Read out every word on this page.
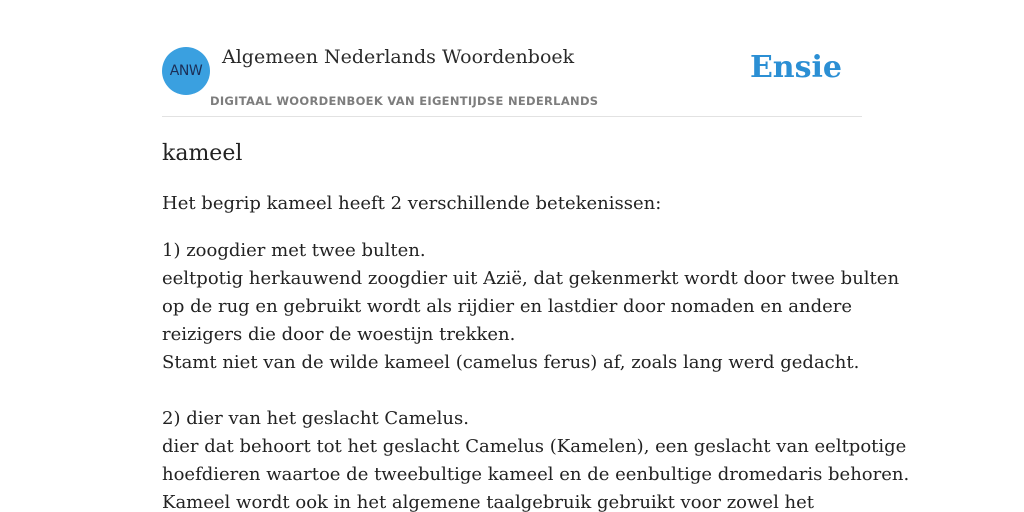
ANW
Algemeen Nederlands Woordenboek
DIGITAAL WOORDENBOEK VAN EIGENTIJDSE NEDERLANDS
Ensie
kameel

Het begrip kameel heeft 2 verschillende betekenissen:

1) zoogdier met twee bulten.
eeltpotig herkauwend zoogdier uit Azië, dat gekenmerkt wordt door twee bulten
op de rug en gebruikt wordt als rijdier en lastdier door nomaden en andere
reizigers die door de woestijn trekken.
Stamt niet van de wilde kameel (camelus ferus) af, zoals lang werd gedacht.
2) dier van het geslacht Camelus.
dier dat behoort tot het geslacht Camelus (Kamelen), een geslacht van eeltpotige
hoefdieren waartoe de tweebultige kameel en de eenbultige dromedaris behoren.
Kameel wordt ook in het algemene taalgebruik gebruikt voor zowel het
